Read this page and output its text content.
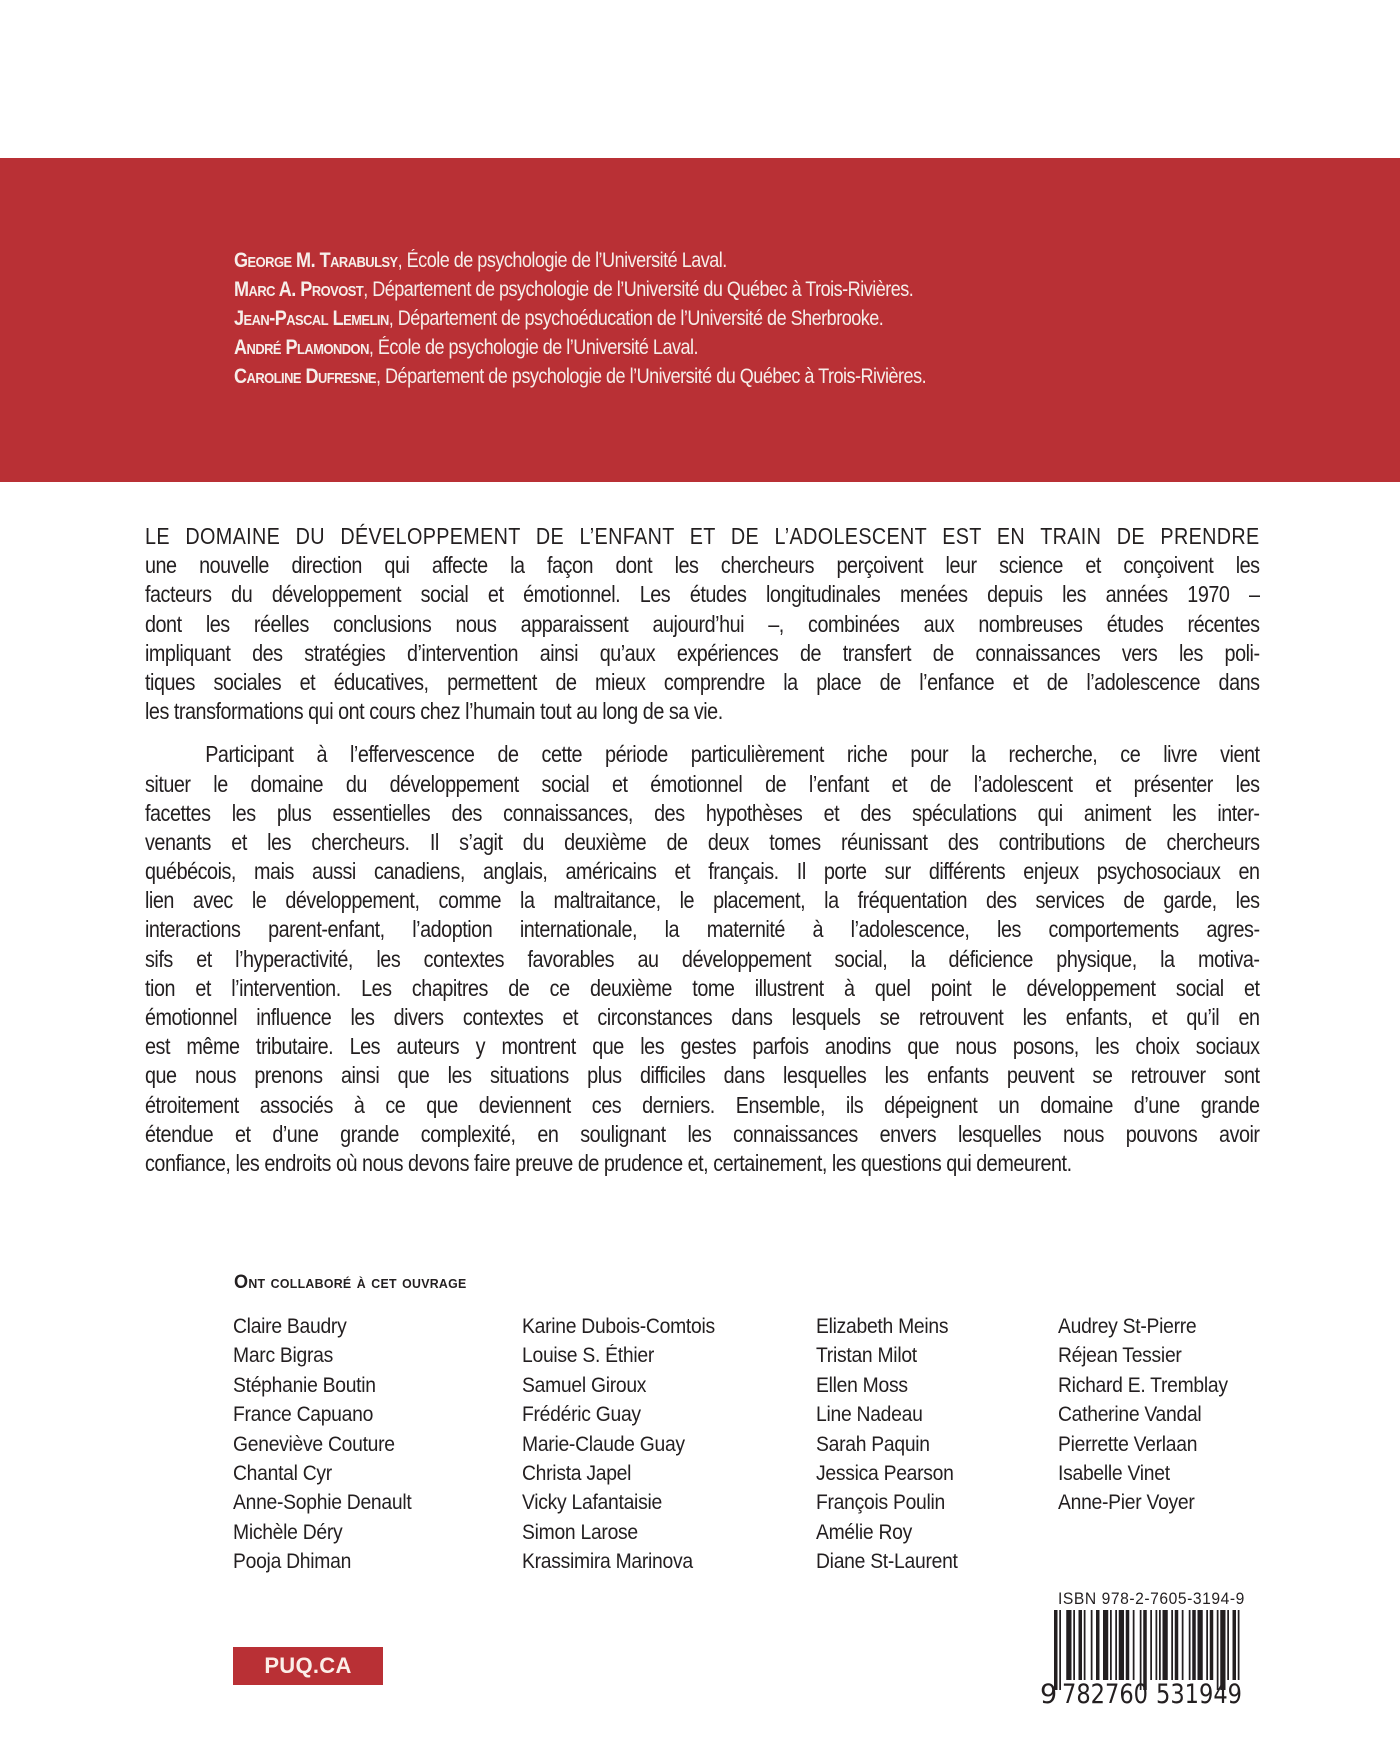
George M. Tarabulsy, École de psychologie de l’Université Laval.
Marc A. Provost, Département de psychologie de l’Université du Québec à Trois-Rivières.
Jean-Pascal Lemelin, Département de psychoéducation de l’Université de Sherbrooke.
André Plamondon, École de psychologie de l’Université Laval.
Caroline Dufresne, Département de psychologie de l’Université du Québec à Trois-Rivières.
LE DOMAINE DU DÉVELOPPEMENT DE L’ENFANT ET DE L’ADOLESCENT EST EN TRAIN DE PRENDRE
une nouvelle direction qui affecte la façon dont les chercheurs perçoivent leur science et conçoivent les
facteurs du développement social et émotionnel. Les études longitudinales menées depuis les années 1970 –
dont les réelles conclusions nous apparaissent aujourd’hui –, combinées aux nombreuses études récentes
impliquant des stratégies d’intervention ainsi qu’aux expériences de transfert de connaissances vers les poli-
tiques sociales et éducatives, permettent de mieux comprendre la place de l’enfance et de l’adolescence dans
les transformations qui ont cours chez l’humain tout au long de sa vie.
Participant à l’effervescence de cette période particulièrement riche pour la recherche, ce livre vient
situer le domaine du développement social et émotionnel de l’enfant et de l’adolescent et présenter les
facettes les plus essentielles des connaissances, des hypothèses et des spéculations qui animent les inter-
venants et les chercheurs. Il s’agit du deuxième de deux tomes réunissant des contributions de chercheurs
québécois, mais aussi canadiens, anglais, américains et français. Il porte sur différents enjeux psychosociaux en
lien avec le développement, comme la maltraitance, le placement, la fréquentation des services de garde, les
interactions parent-enfant, l’adoption internationale, la maternité à l’adolescence, les comportements agres-
sifs et l’hyperactivité, les contextes favorables au développement social, la déficience physique, la motiva-
tion et l’intervention. Les chapitres de ce deuxième tome illustrent à quel point le développement social et
émotionnel influence les divers contextes et circonstances dans lesquels se retrouvent les enfants, et qu’il en
est même tributaire. Les auteurs y montrent que les gestes parfois anodins que nous posons, les choix sociaux
que nous prenons ainsi que les situations plus difficiles dans lesquelles les enfants peuvent se retrouver sont
étroitement associés à ce que deviennent ces derniers. Ensemble, ils dépeignent un domaine d’une grande
étendue et d’une grande complexité, en soulignant les connaissances envers lesquelles nous pouvons avoir
confiance, les endroits où nous devons faire preuve de prudence et, certainement, les questions qui demeurent.
Ont collaboré à cet ouvrage
Claire Baudry
Marc Bigras
Stéphanie Boutin
France Capuano
Geneviève Couture
Chantal Cyr
Anne-Sophie Denault
Michèle Déry
Pooja Dhiman
Karine Dubois-Comtois
Louise S. Éthier
Samuel Giroux
Frédéric Guay
Marie-Claude Guay
Christa Japel
Vicky Lafantaisie
Simon Larose
Krassimira Marinova
Elizabeth Meins
Tristan Milot
Ellen Moss
Line Nadeau
Sarah Paquin
Jessica Pearson
François Poulin
Amélie Roy
Diane St-Laurent
Audrey St-Pierre
Réjean Tessier
Richard E. Tremblay
Catherine Vandal
Pierrette Verlaan
Isabelle Vinet
Anne-Pier Voyer
PUQ.CA
ISBN 978-2-7605-3194-9
9 782760 531949
